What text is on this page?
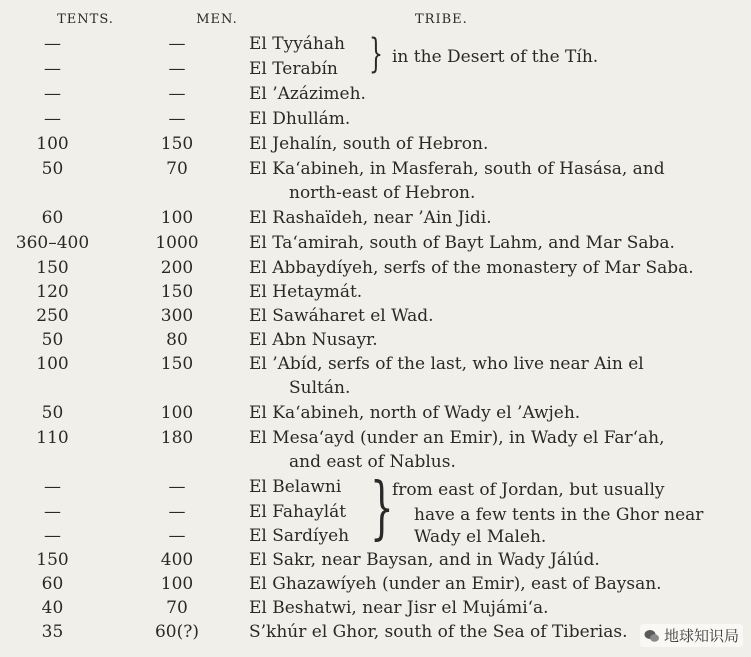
TENTS.	MEN.	TRIBE.
—	—	El Tyyáhah
—	—	El Terabín
—	—	El ’Azázimeh.
—	—	El Dhullám.
100	150	El Jehalín, south of Hebron.
50	70	El Ka‘abineh, in Masferah, south of Hasása, and
north-east of Hebron.
60	100	El Rashaïdeh, near ’Ain Jidi.
360–400	1000	El Ta‘amirah, south of Bayt Lahm, and Mar Saba.
150	200	El Abbaydíyeh, serfs of the monastery of Mar Saba.
120	150	El Hetaymát.
250	300	El Sawáharet el Wad.
50	80	El Abn Nusayr.
100	150	El ’Abíd, serfs of the last, who live near Ain el
Sultán.
50	100	El Ka‘abineh, north of Wady el ’Awjeh.
110	180	El Mesa‘ayd (under an Emir), in Wady el Far‘ah,
and east of Nablus.
—	—	El Belawni
—	—	El Fahaylát
—	—	El Sardíyeh
150	400	El Sakr, near Baysan, and in Wady Jálúd.
60	100	El Ghazawíyeh (under an Emir), east of Baysan.
40	70	El Beshatwi, near Jisr el Mujámi‘a.
35	60(?)	S’khúr el Ghor, south of the Sea of Tiberias.
} in the Desert of the Tíh.
}
from east of Jordan, but usually
have a few tents in the Ghor near
Wady el Maleh.
地球知识局
